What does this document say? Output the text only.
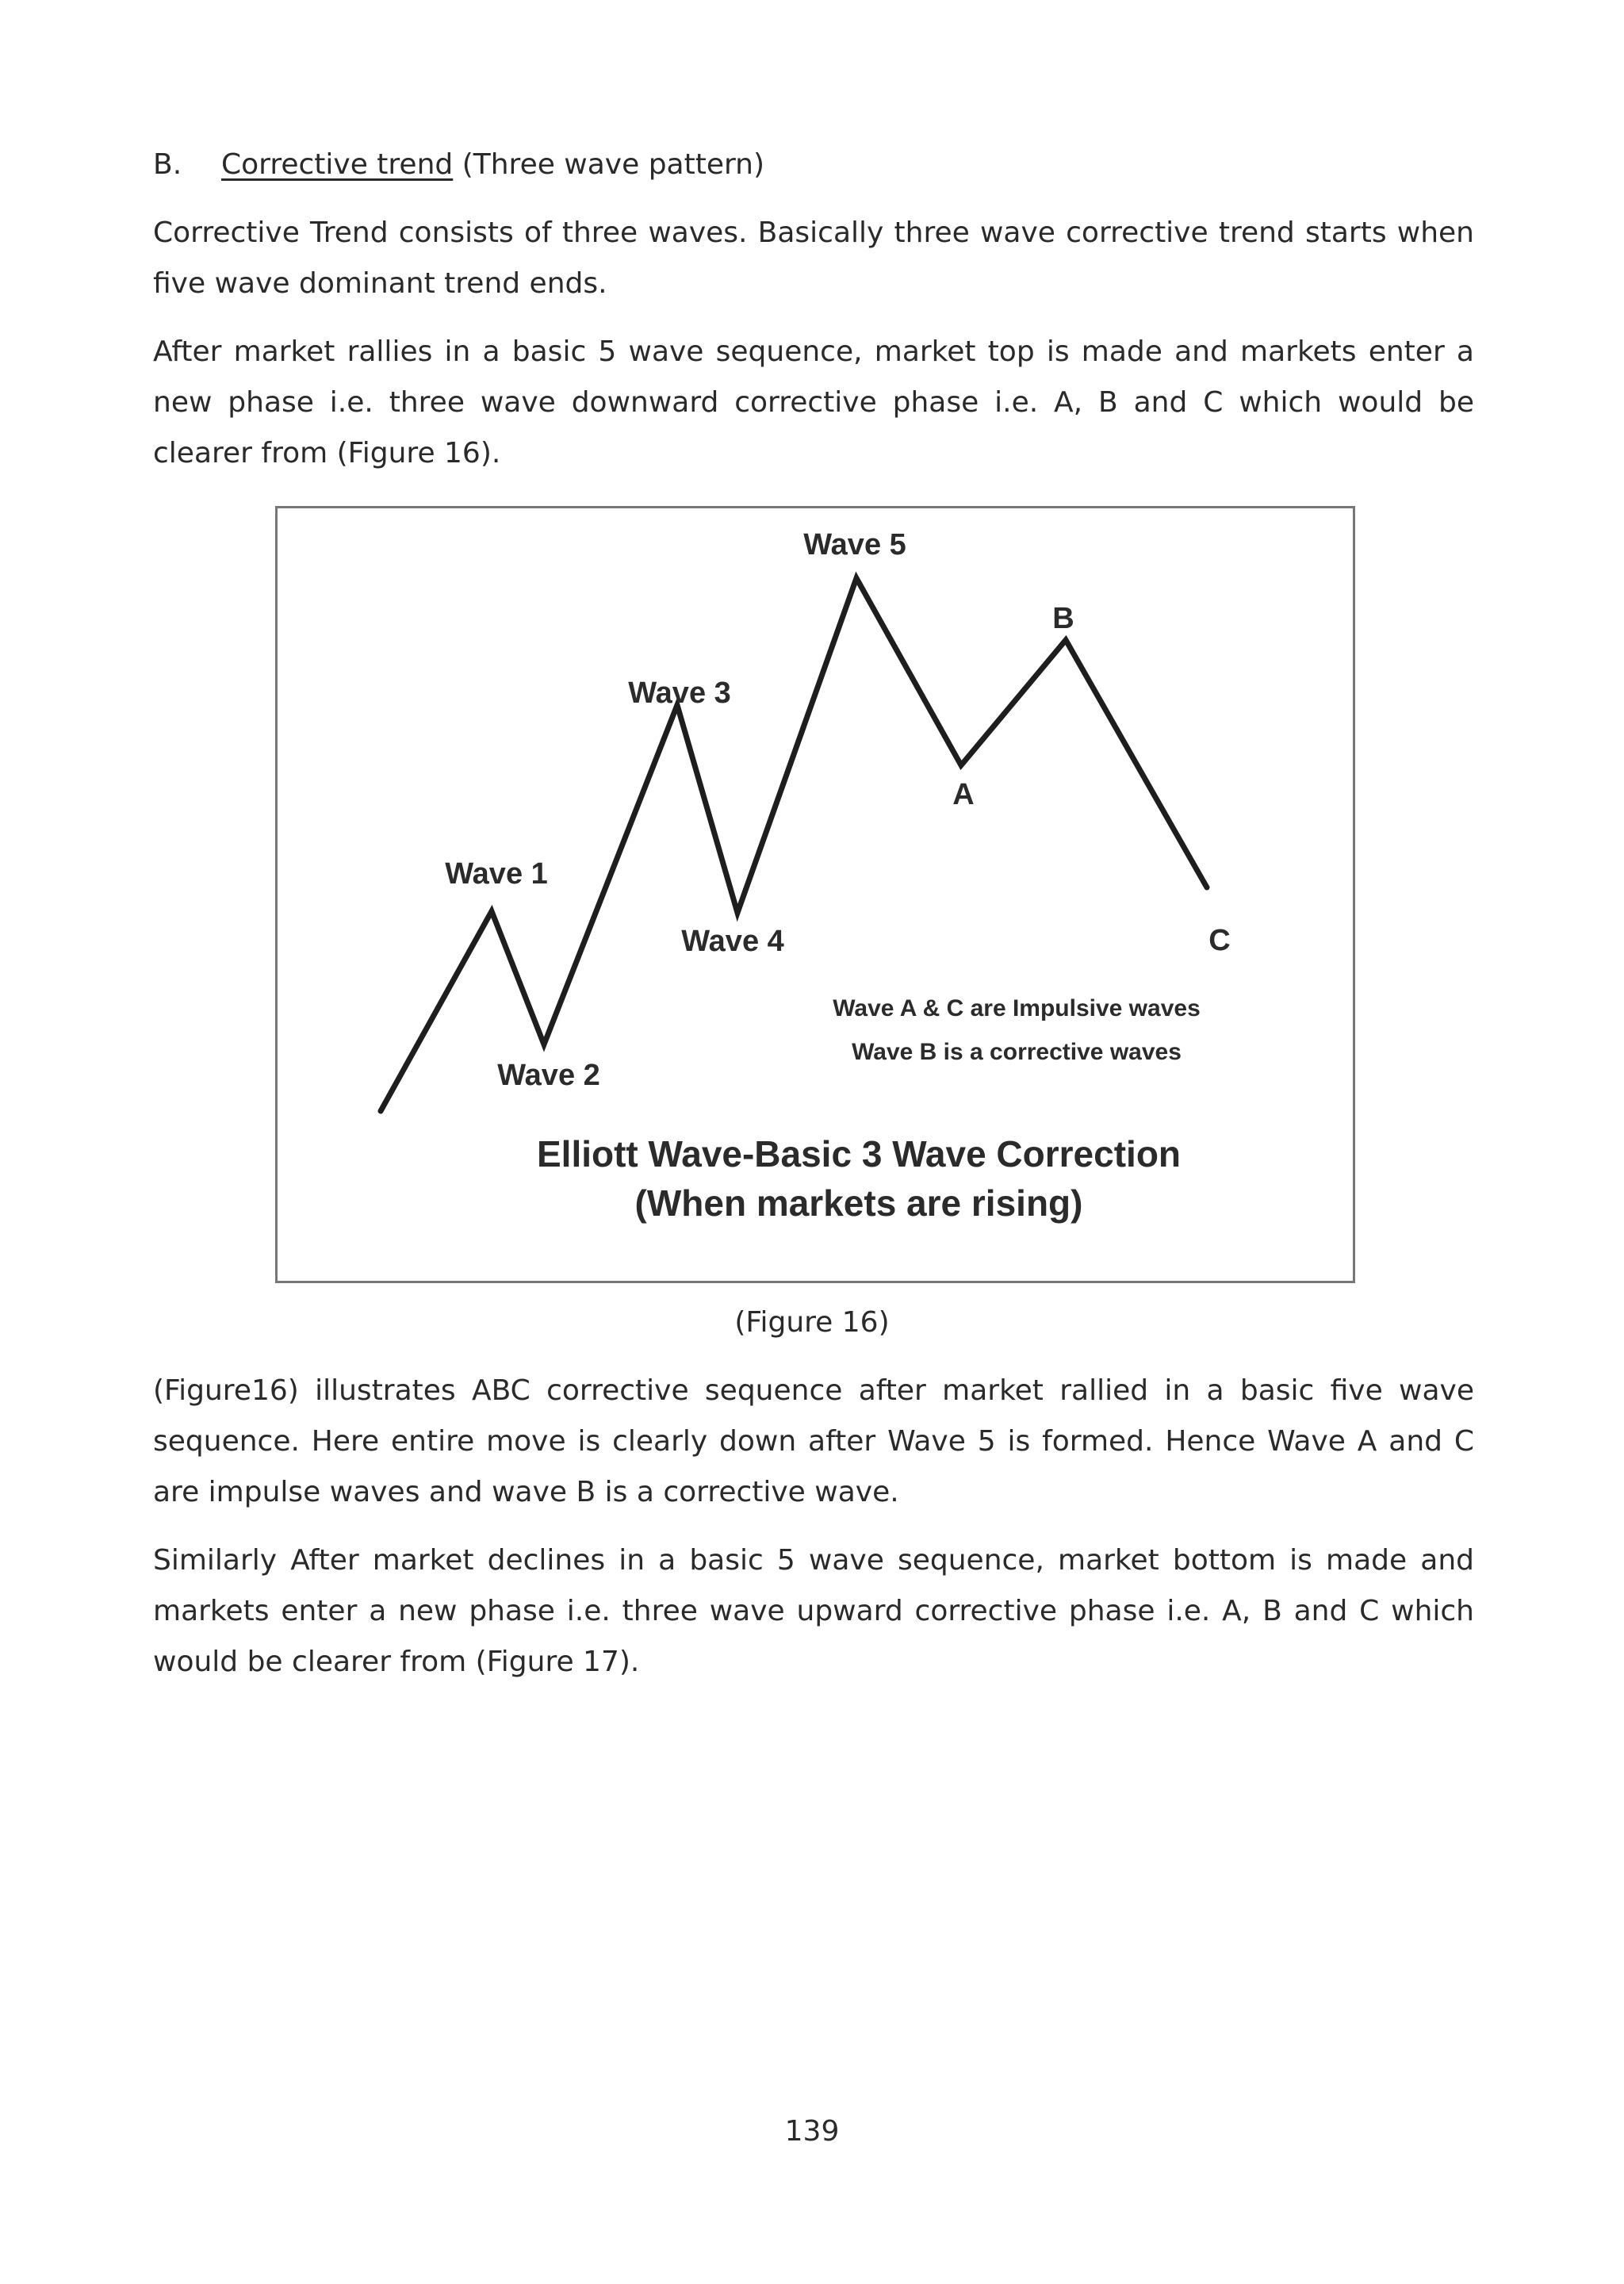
B. Corrective trend (Three wave pattern)

Corrective Trend consists of three waves. Basically three wave corrective trend starts when five wave dominant trend ends.

After market rallies in a basic 5 wave sequence, market top is made and markets enter a new phase i.e. three wave downward corrective phase i.e. A, B and C which would be clearer from (Figure 16).

Wave 1
Wave 2
Wave 3
Wave 4
Wave 5
A
B
C
Wave A & C are Impulsive waves
Wave B is a corrective waves
Elliott Wave-Basic 3 Wave Correction
(When markets are rising)
(Figure 16)

(Figure16) illustrates ABC corrective sequence after market rallied in a basic five wave sequence. Here entire move is clearly down after Wave 5 is formed. Hence Wave A and C are impulse waves and wave B is a corrective wave.

Similarly After market declines in a basic 5 wave sequence, market bottom is made and markets enter a new phase i.e. three wave upward corrective phase i.e. A, B and C which would be clearer from (Figure 17).

139
